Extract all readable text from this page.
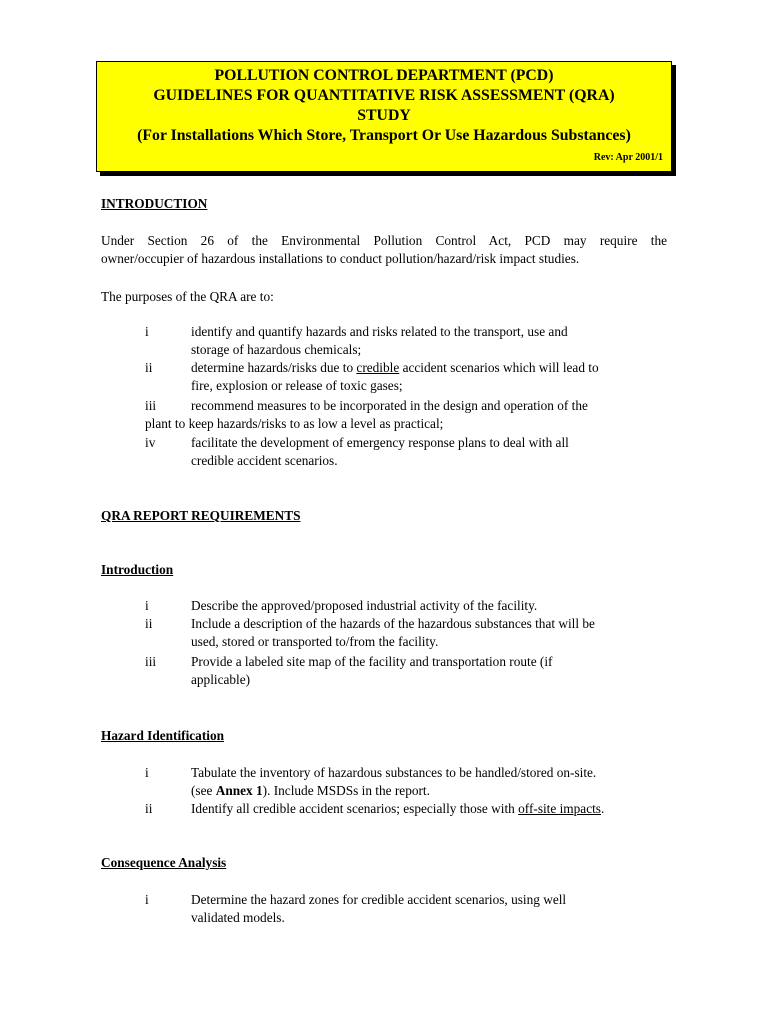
POLLUTION CONTROL DEPARTMENT (PCD)
GUIDELINES FOR QUANTITATIVE RISK ASSESSMENT (QRA)
STUDY
(For Installations Which Store, Transport Or Use Hazardous Substances)
Rev: Apr 2001/1
INTRODUCTION
Under Section 26 of the Environmental Pollution Control Act, PCD may require the
owner/occupier of hazardous installations to conduct pollution/hazard/risk impact studies.
The purposes of the QRA are to:
i	identify and quantify hazards and risks related to the transport, use and
storage of hazardous chemicals;
ii	determine hazards/risks due to credible accident scenarios which will lead to
fire, explosion or release of toxic gases;
iii	recommend measures to be incorporated in the design and operation of the
plant to keep hazards/risks to as low a level as practical;
iv	facilitate the development of emergency response plans to deal with all
credible accident scenarios.
QRA REPORT REQUIREMENTS
Introduction
i	Describe the approved/proposed industrial activity of the facility.
ii	Include a description of the hazards of the hazardous substances that will be
used, stored or transported to/from the facility.
iii	Provide a labeled site map of the facility and transportation route (if
applicable)
Hazard Identification
i	Tabulate the inventory of hazardous substances to be handled/stored on-site.
(see Annex 1). Include MSDSs in the report.
ii	Identify all credible accident scenarios; especially those with off-site impacts.
Consequence Analysis
i	Determine the hazard zones for credible accident scenarios, using well
validated models.
